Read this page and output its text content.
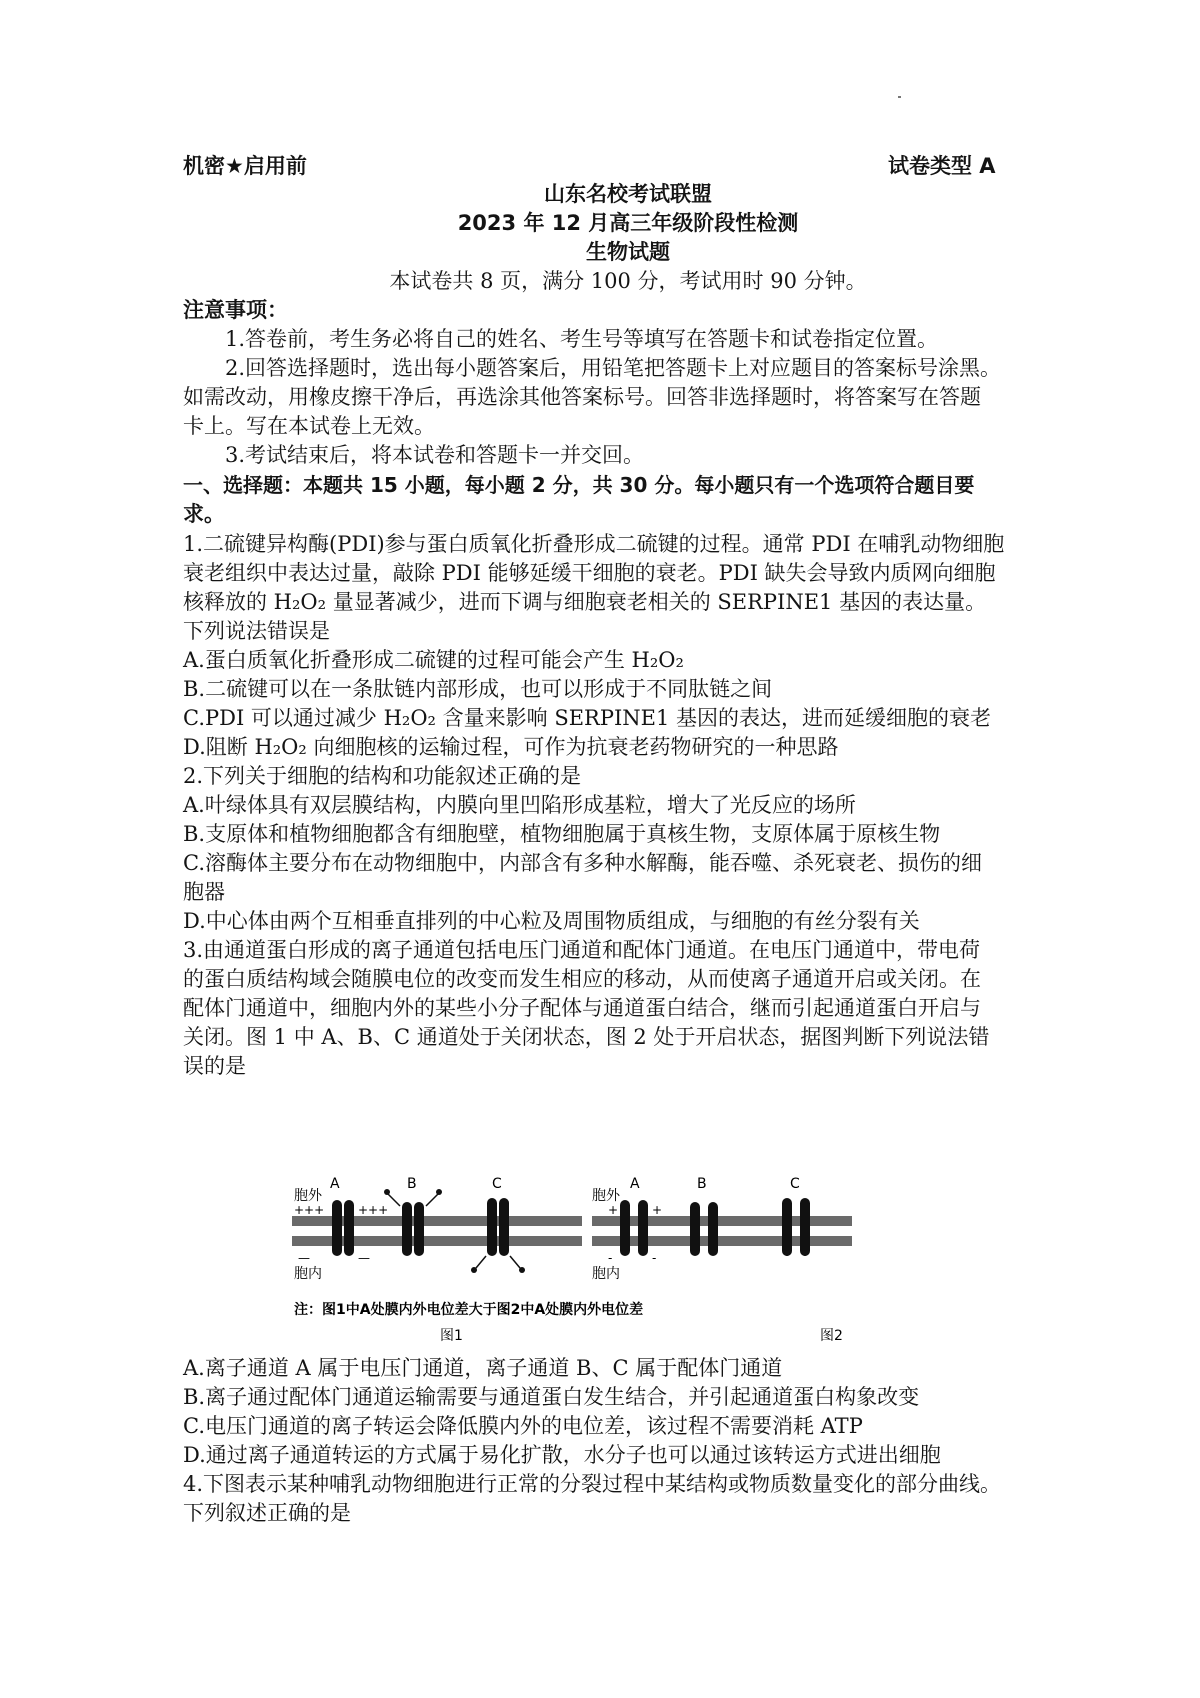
机密★启用前	试卷类型 A
山东名校考试联盟
2023 年 12 月高三年级阶段性检测
生物试题
本试卷共 8 页，满分 100 分，考试用时 90 分钟。
注意事项：
1.答卷前，考生务必将自己的姓名、考生号等填写在答题卡和试卷指定位置。
2.回答选择题时，选出每小题答案后，用铅笔把答题卡上对应题目的答案标号涂黑。
如需改动，用橡皮擦干净后，再选涂其他答案标号。回答非选择题时，将答案写在答题
卡上。写在本试卷上无效。
3.考试结束后，将本试卷和答题卡一并交回。
一、选择题：本题共 15 小题，每小题 2 分，共 30 分。每小题只有一个选项符合题目要
求。
1.二硫键异构酶(PDI)参与蛋白质氧化折叠形成二硫键的过程。通常 PDI 在哺乳动物细胞
衰老组织中表达过量，敲除 PDI 能够延缓干细胞的衰老。PDI 缺失会导致内质网向细胞
核释放的 H₂O₂ 量显著减少，进而下调与细胞衰老相关的 SERPINE1 基因的表达量。
下列说法错误是
A.蛋白质氧化折叠形成二硫键的过程可能会产生 H₂O₂
B.二硫键可以在一条肽链内部形成，也可以形成于不同肽链之间
C.PDI 可以通过减少 H₂O₂ 含量来影响 SERPINE1 基因的表达，进而延缓细胞的衰老
D.阻断 H₂O₂ 向细胞核的运输过程，可作为抗衰老药物研究的一种思路
2.下列关于细胞的结构和功能叙述正确的是
A.叶绿体具有双层膜结构，内膜向里凹陷形成基粒，增大了光反应的场所
B.支原体和植物细胞都含有细胞壁，植物细胞属于真核生物，支原体属于原核生物
C.溶酶体主要分布在动物细胞中，内部含有多种水解酶，能吞噬、杀死衰老、损伤的细
胞器
D.中心体由两个互相垂直排列的中心粒及周围物质组成，与细胞的有丝分裂有关
3.由通道蛋白形成的离子通道包括电压门通道和配体门通道。在电压门通道中，带电荷
的蛋白质结构域会随膜电位的改变而发生相应的移动，从而使离子通道开启或关闭。在
配体门通道中，细胞内外的某些小分子配体与通道蛋白结合，继而引起通道蛋白开启与
关闭。图 1 中 A、B、C 通道处于关闭状态，图 2 处于开启状态，据图判断下列说法错
误的是
胞外
A	B	C
+++	+++
—	—
胞内
胞外
A	B	C
+	+
-	-
胞内
注：图1中A处膜内外电位差大于图2中A处膜内外电位差
图1	图2
A.离子通道 A 属于电压门通道，离子通道 B、C 属于配体门通道
B.离子通过配体门通道运输需要与通道蛋白发生结合，并引起通道蛋白构象改变
C.电压门通道的离子转运会降低膜内外的电位差，该过程不需要消耗 ATP
D.通过离子通道转运的方式属于易化扩散，水分子也可以通过该转运方式进出细胞
4.下图表示某种哺乳动物细胞进行正常的分裂过程中某结构或物质数量变化的部分曲线。
下列叙述正确的是
